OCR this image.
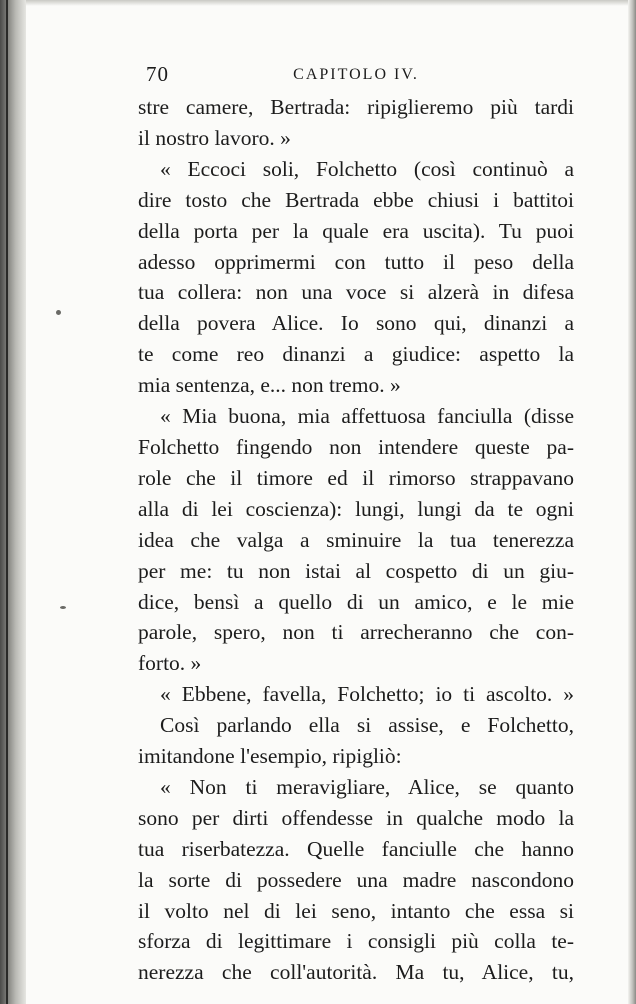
70	CAPITOLO IV.

stre camere, Bertrada: ripiglieremo più tardi

il nostro lavoro. »

« Eccoci soli, Folchetto (così continuò a

dire tosto che Bertrada ebbe chiusi i battitoi

della porta per la quale era uscita). Tu puoi

adesso opprimermi con tutto il peso della

tua collera: non una voce si alzerà in difesa

della povera Alice. Io sono qui, dinanzi a

te come reo dinanzi a giudice: aspetto la

mia sentenza, e... non tremo. »

« Mia buona, mia affettuosa fanciulla (disse

Folchetto fingendo non intendere queste pa-

role che il timore ed il rimorso strappavano

alla di lei coscienza): lungi, lungi da te ogni

idea che valga a sminuire la tua tenerezza

per me: tu non istai al cospetto di un giu-

dice, bensì a quello di un amico, e le mie

parole, spero, non ti arrecheranno che con-

forto. »

« Ebbene, favella, Folchetto; io ti ascolto. »

Così parlando ella si assise, e Folchetto,

imitandone l'esempio, ripigliò:

« Non ti meravigliare, Alice, se quanto

sono per dirti offendesse in qualche modo la

tua riserbatezza. Quelle fanciulle che hanno

la sorte di possedere una madre nascondono

il volto nel di lei seno, intanto che essa si

sforza di legittimare i consigli più colla te-

nerezza che coll'autorità. Ma tu, Alice, tu,
